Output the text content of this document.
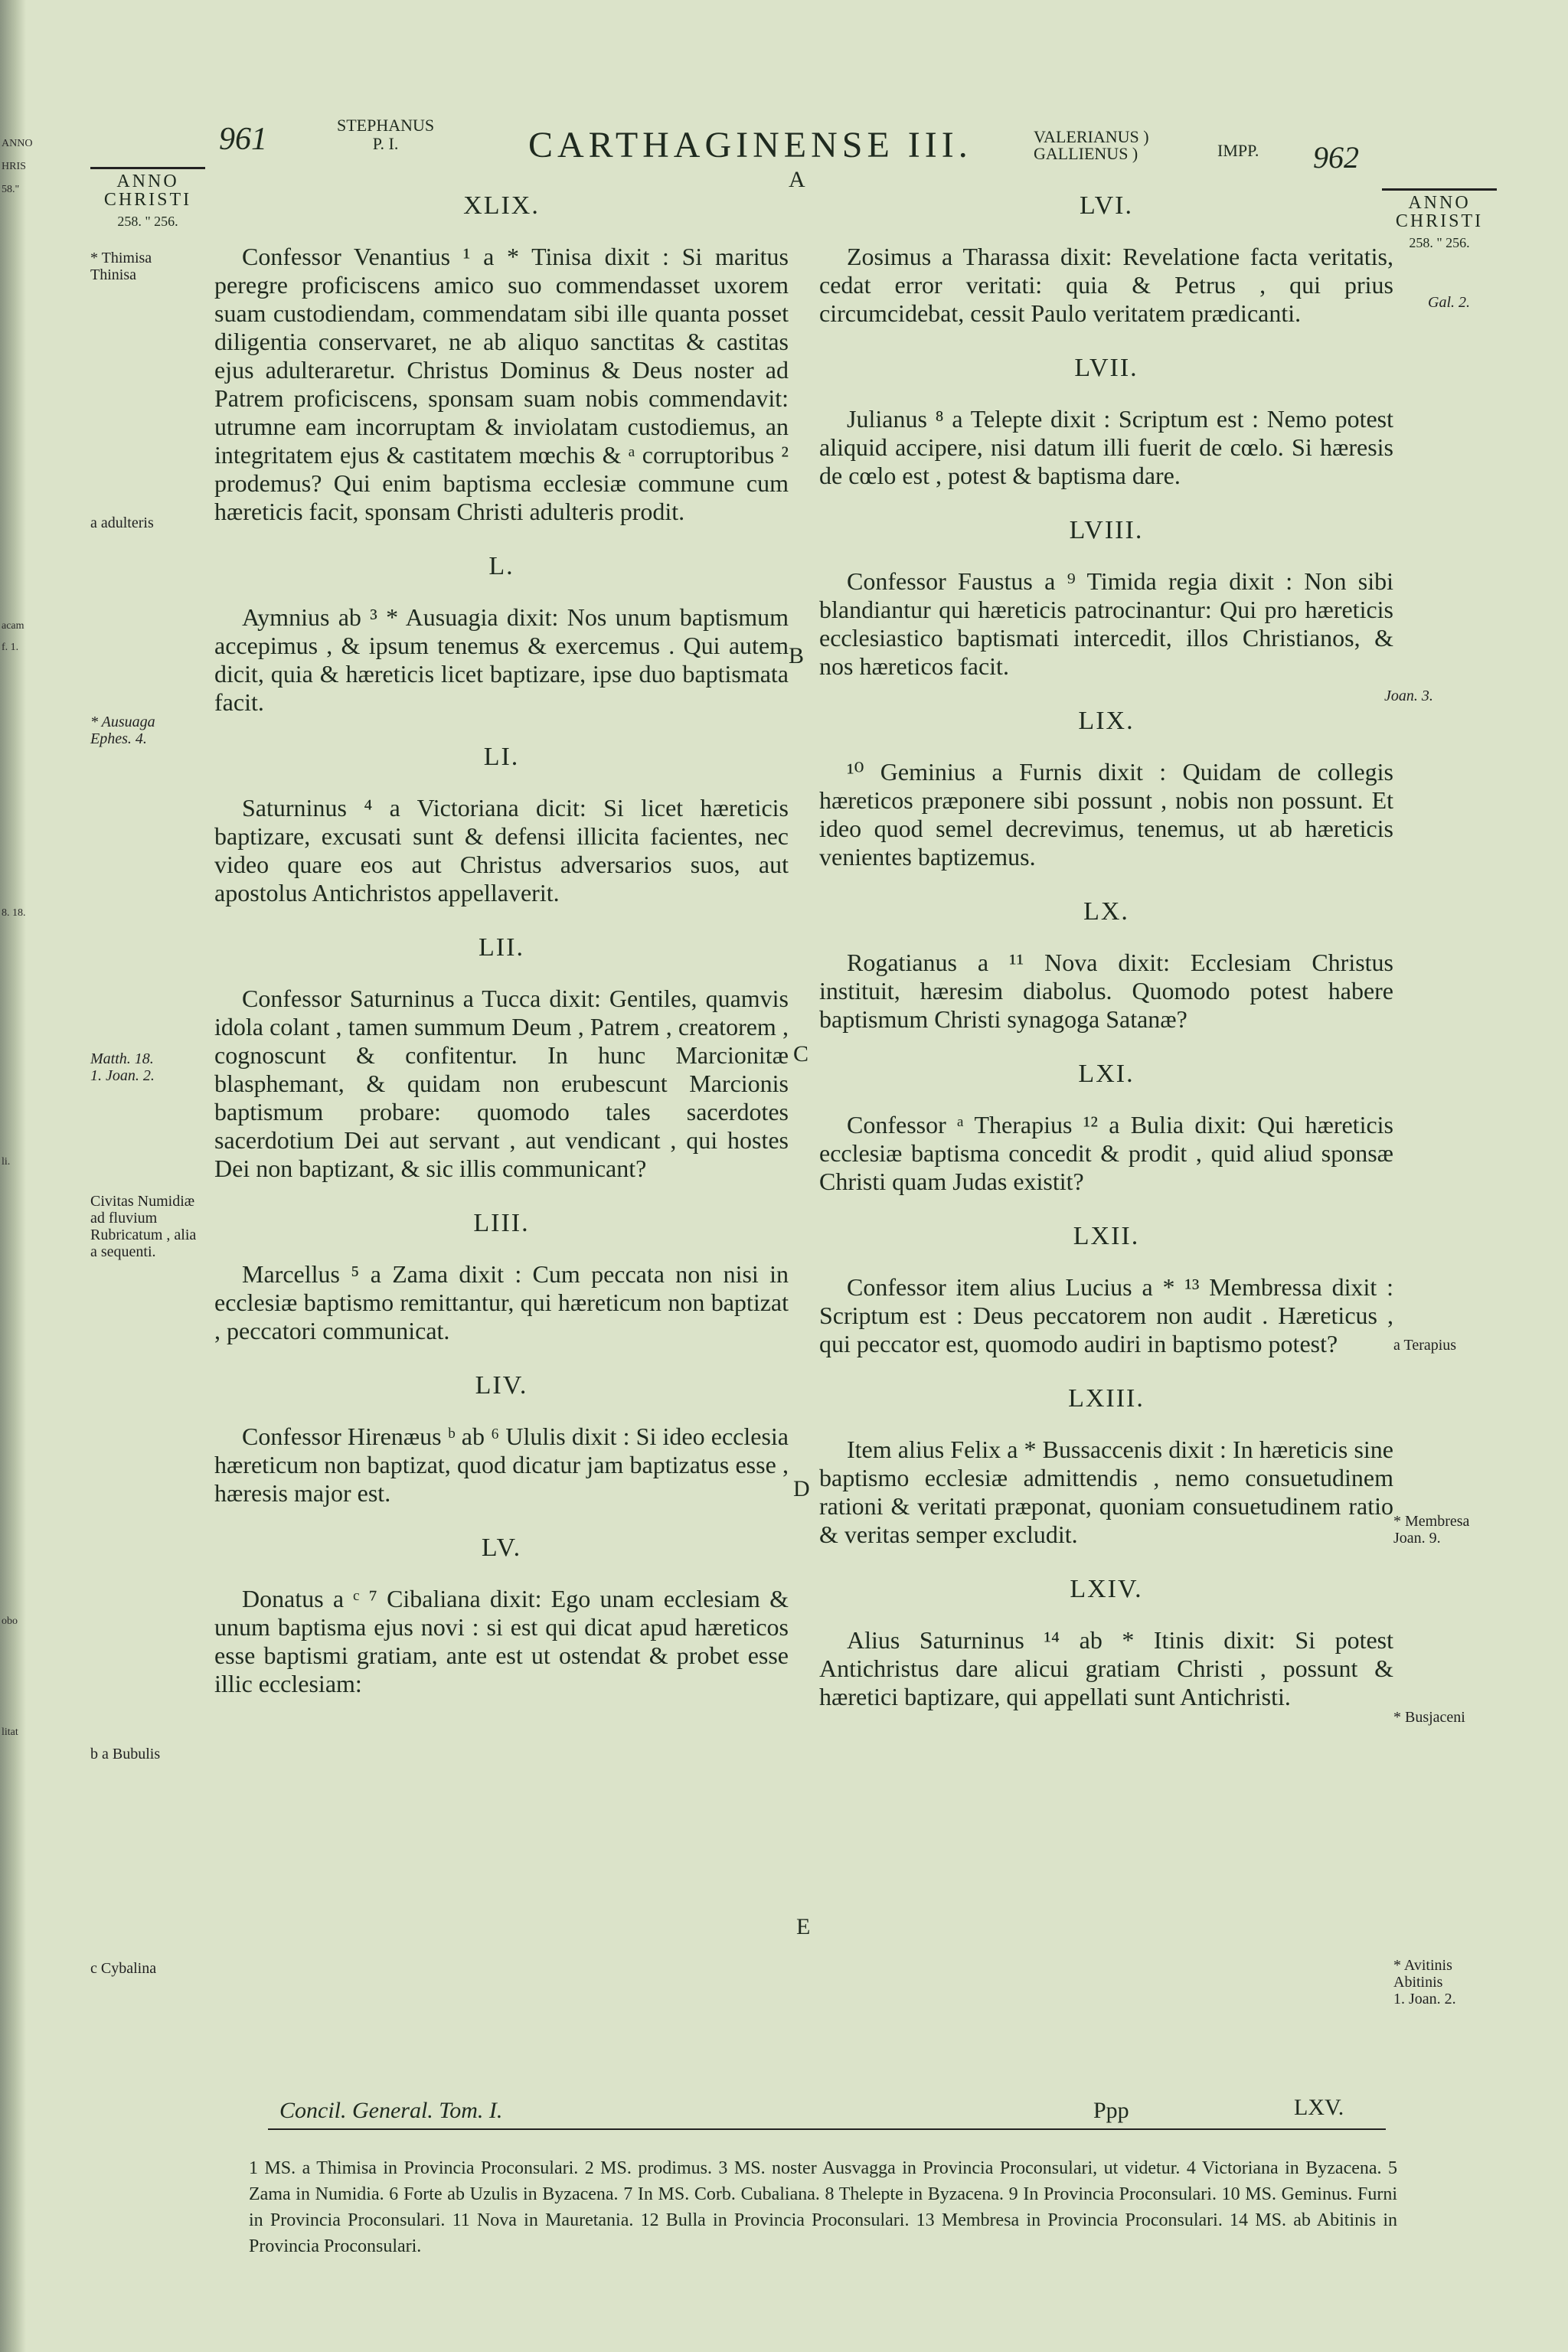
ANNO
HRIS
58."
acam
f. 1.
8. 18.
li.
obo
litat
961	STEPHANUS
P. I.	CARTHAGINENSE III.	VALERIANUS )
GALLIENUS )	IMPP. 962
A
ANNO
CHRISTI
258. " 256.
ANNO
CHRISTI
258. " 256.
XLIX.

Confessor Venantius ¹ a * Tinisa dixit : Si maritus peregre proficiscens amico suo commendasset uxorem suam custodiendam, commendatam sibi ille quanta posset diligentia conservaret, ne ab aliquo sanctitas & castitas ejus adulteraretur. Christus Dominus & Deus noster ad Patrem proficiscens, sponsam suam nobis commendavit: utrumne eam incorruptam & inviolatam custodiemus, an integritatem ejus & castitatem mœchis & ᵃ corruptoribus ² prodemus? Qui enim baptisma ecclesiæ commune cum hæreticis facit, sponsam Christi adulteris prodit.

L.

Aymnius ab ³ * Ausuagia dixit: Nos unum baptismum accepimus , & ipsum tenemus & exercemus . Qui autem dicit, quia & hæreticis licet baptizare, ipse duo baptismata facit.

LI.

Saturninus ⁴ a Victoriana dicit: Si licet hæreticis baptizare, excusati sunt & defensi illicita facientes, nec video quare eos aut Christus adversarios suos, aut apostolus Antichristos appellaverit.

LII.

Confessor Saturninus a Tucca dixit: Gentiles, quamvis idola colant , tamen summum Deum , Patrem , creatorem , cognoscunt & confitentur. In hunc Marcionitæ blasphemant, & quidam non erubescunt Marcionis baptismum probare: quomodo tales sacerdotes sacerdotium Dei aut servant , aut vendicant , qui hostes Dei non baptizant, & sic illis communicant?

LIII.

Marcellus ⁵ a Zama dixit : Cum peccata non nisi in ecclesiæ baptismo remittantur, qui hæreticum non baptizat , peccatori communicat.

LIV.

Confessor Hirenæus ᵇ ab ⁶ Ululis dixit : Si ideo ecclesia hæreticum non baptizat, quod dicatur jam baptizatus esse , hæresis major est.

LV.

Donatus a ᶜ ⁷ Cibaliana dixit: Ego unam ecclesiam & unum baptisma ejus novi : si est qui dicat apud hæreticos esse baptismi gratiam, ante est ut ostendat & probet esse illic ecclesiam:

LVI.

Zosimus a Tharassa dixit: Revelatione facta veritatis, cedat error veritati: quia & Petrus , qui prius circumcidebat, cessit Paulo veritatem prædicanti.

LVII.

Julianus ⁸ a Telepte dixit : Scriptum est : Nemo potest aliquid accipere, nisi datum illi fuerit de cœlo. Si hæresis de cœlo est , potest & baptisma dare.

LVIII.

Confessor Faustus a ⁹ Timida regia dixit : Non sibi blandiantur qui hæreticis patrocinantur: Qui pro hæreticis ecclesiastico baptismati intercedit, illos Christianos, & nos hæreticos facit.

LIX.

¹⁰ Geminius a Furnis dixit : Quidam de collegis hæreticos præponere sibi possunt , nobis non possunt. Et ideo quod semel decrevimus, tenemus, ut ab hæreticis venientes baptizemus.

LX.

Rogatianus a ¹¹ Nova dixit: Ecclesiam Christus instituit, hæresim diabolus. Quomodo potest habere baptismum Christi synagoga Satanæ?

LXI.

Confessor ᵃ Therapius ¹² a Bulia dixit: Qui hæreticis ecclesiæ baptisma concedit & prodit , quid aliud sponsæ Christi quam Judas existit?

LXII.

Confessor item alius Lucius a * ¹³ Membressa dixit : Scriptum est : Deus peccatorem non audit . Hæreticus , qui peccator est, quomodo audiri in baptismo potest?

LXIII.

Item alius Felix a * Bussaccenis dixit : In hæreticis sine baptismo ecclesiæ admittendis , nemo consuetudinem rationi & veritati præponat, quoniam consuetudinem ratio & veritas semper excludit.

LXIV.

Alius Saturninus ¹⁴ ab * Itinis dixit: Si potest Antichristus dare alicui gratiam Christi , possunt & hæretici baptizare, qui appellati sunt Antichristi.

* Thimisa
Thinisa
a adulteris
* Ausuaga
Ephes. 4.
Matth. 18.
1. Joan. 2.
Civitas Numidiæ ad fluvium Rubricatum , alia a sequenti.
b a Bubulis
c Cybalina
Gal. 2.
Joan. 3.
a Terapius
* Membresa
Joan. 9.
* Busjaceni
* Avitinis
Abitinis
1. Joan. 2.
B
C
D
E
Concil. General. Tom. I.	Ppp	LXV.
1 MS. a Thimisa in Provincia Proconsulari. 2 MS. prodimus. 3 MS. noster Ausvagga in Provincia Proconsulari, ut videtur. 4 Victoriana in Byzacena. 5 Zama in Numidia. 6 Forte ab Uzulis in Byzacena. 7 In MS. Corb. Cubaliana. 8 Thelepte in Byzacena. 9 In Provincia Proconsulari. 10 MS. Geminus. Furni in Provincia Proconsulari. 11 Nova in Mauretania. 12 Bulla in Provincia Proconsulari. 13 Membresa in Provincia Proconsulari. 14 MS. ab Abitinis in Provincia Proconsulari.
